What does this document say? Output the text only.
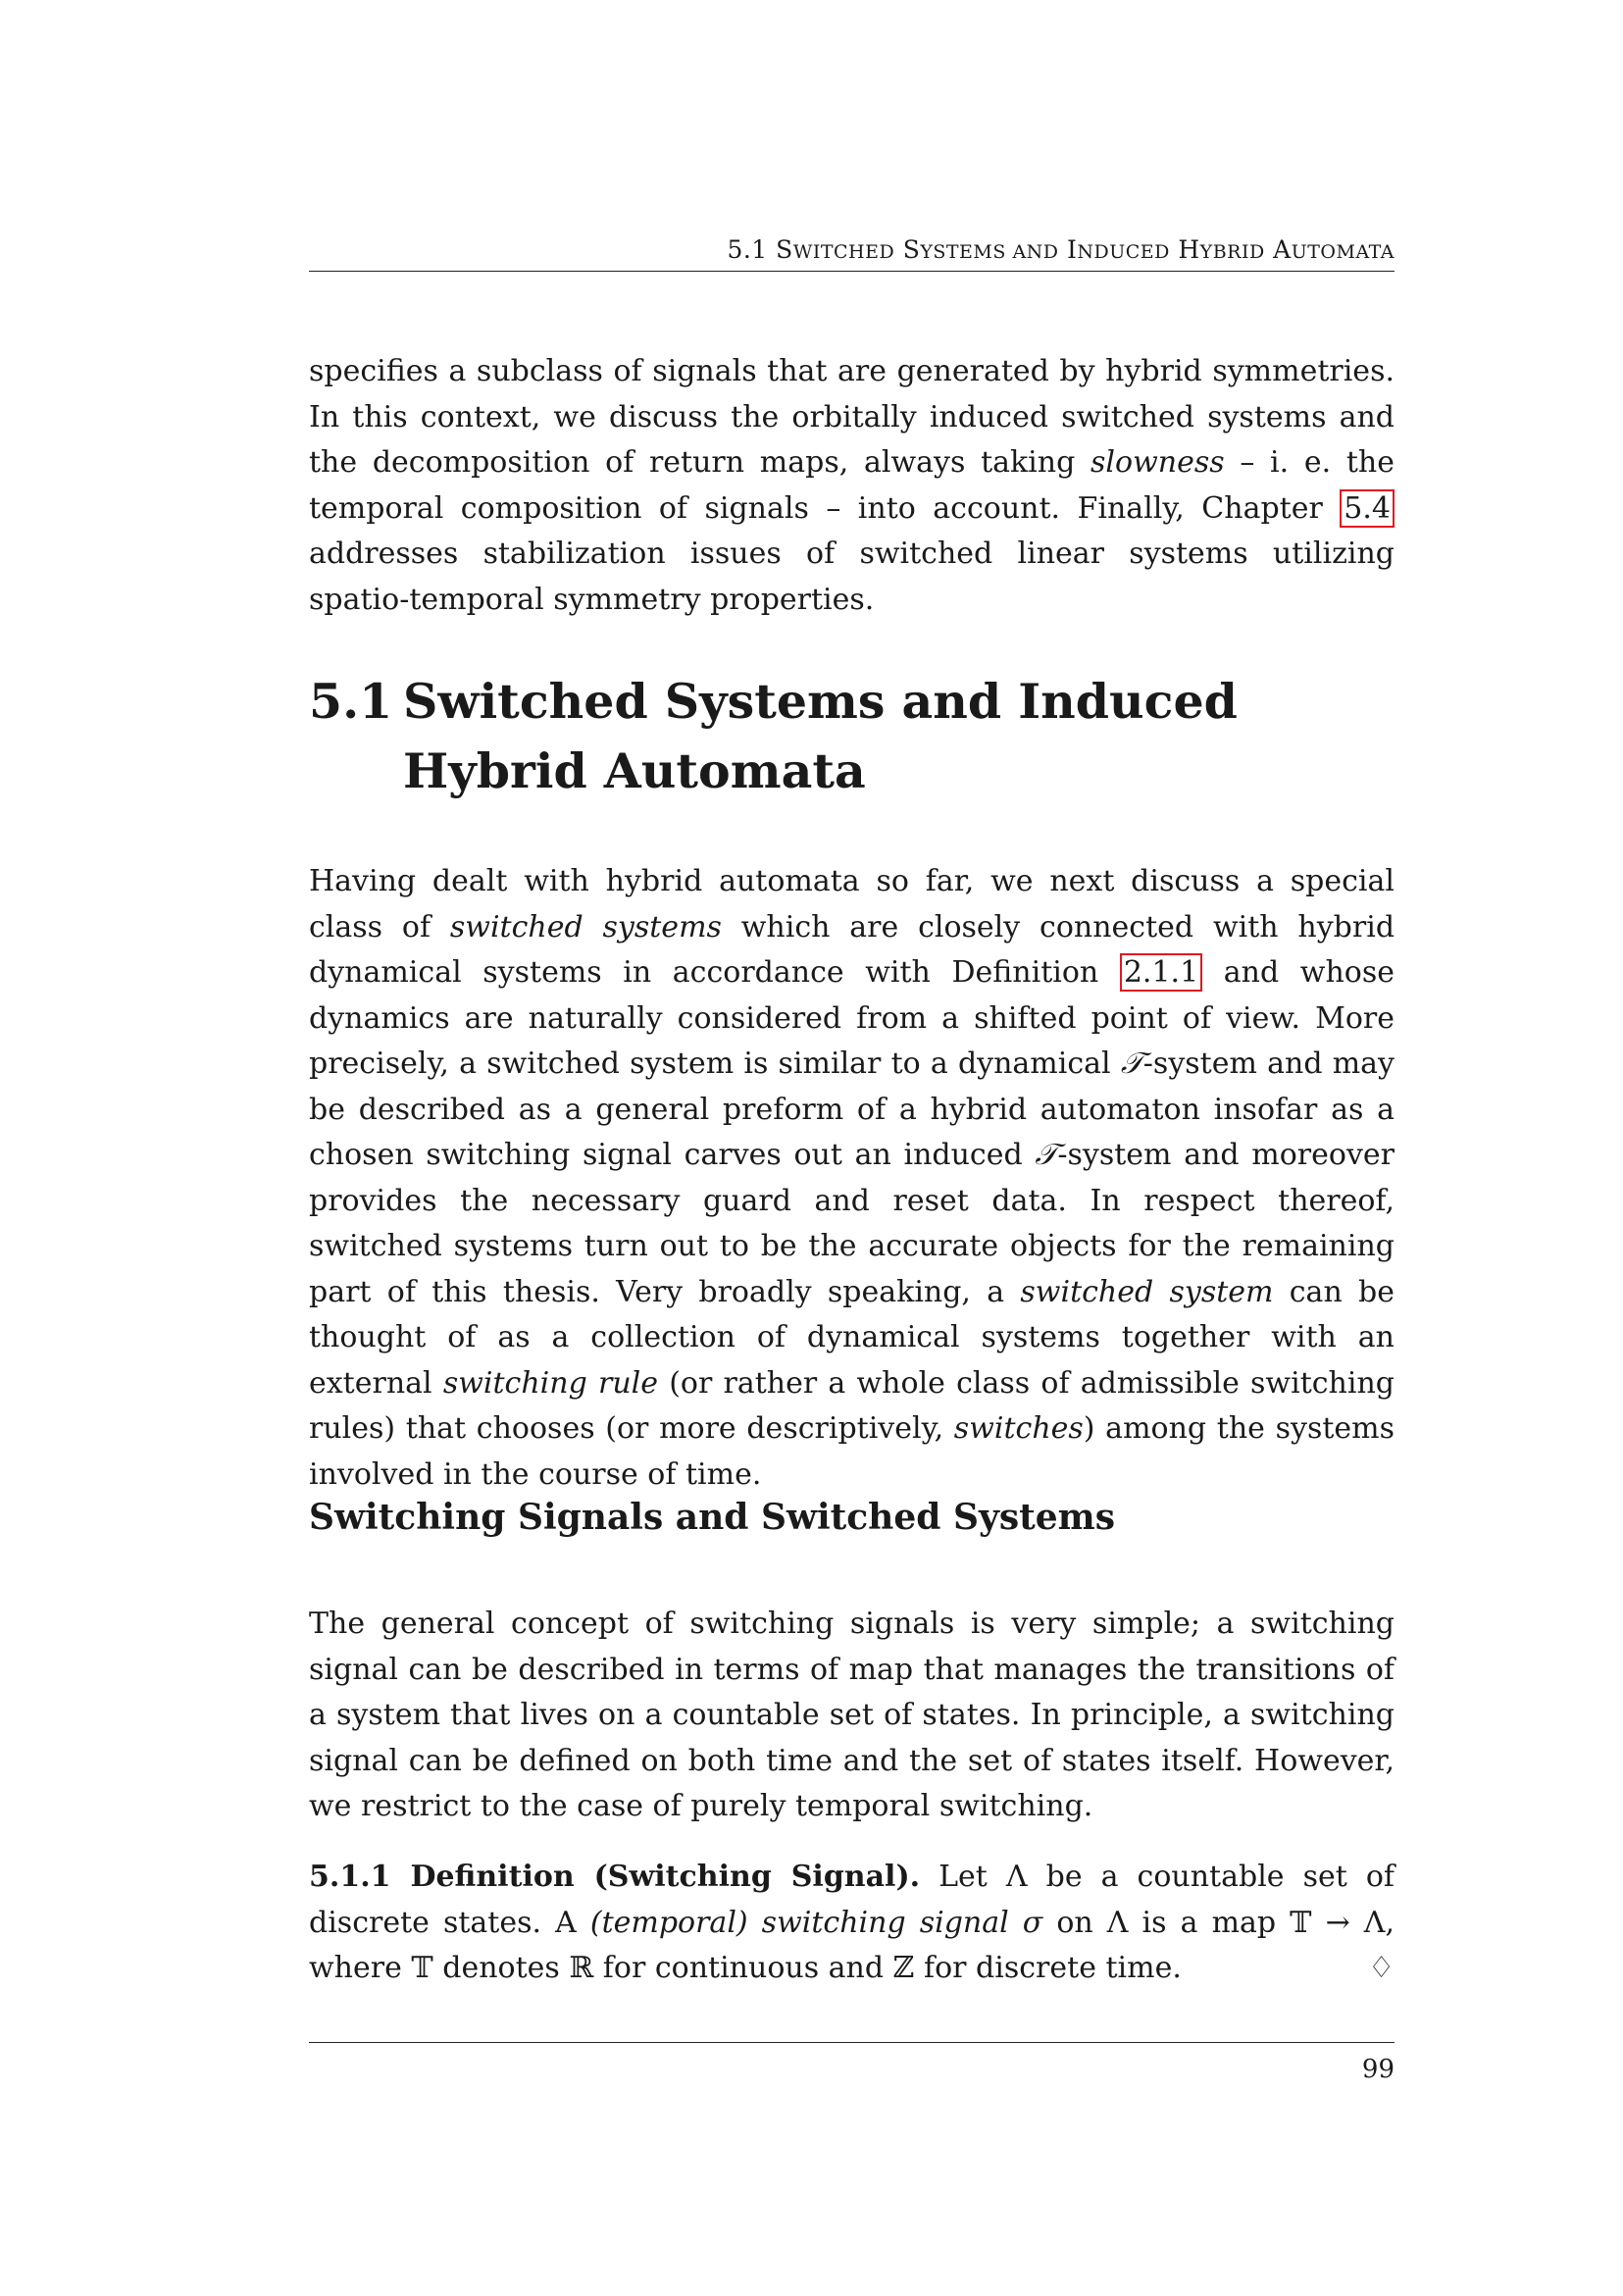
5.1 SWITCHED SYSTEMS AND INDUCED HYBRID AUTOMATA

specifies a subclass of signals that are generated by hybrid symmetries. In this context, we discuss the orbitally induced switched systems and the decomposition of return maps, always taking slowness – i. e. the temporal composition of signals – into account. Finally, Chapter 5.4 addresses stabilization issues of switched linear systems utilizing spatio-temporal symmetry properties.

5.1 Switched Systems and Induced Hybrid Automata

Having dealt with hybrid automata so far, we next discuss a special class of switched systems which are closely connected with hybrid dynamical systems in accordance with Definition 2.1.1 and whose dynamics are naturally considered from a shifted point of view. More precisely, a switched system is similar to a dynamical 𝒯-system and may be described as a general preform of a hybrid automaton insofar as a chosen switching signal carves out an induced 𝒯-system and moreover provides the necessary guard and reset data. In respect thereof, switched systems turn out to be the accurate objects for the remaining part of this thesis. Very broadly speaking, a switched system can be thought of as a collection of dynamical systems together with an external switching rule (or rather a whole class of admissible switching rules) that chooses (or more descriptively, switches) among the systems involved in the course of time.

Switching Signals and Switched Systems

The general concept of switching signals is very simple; a switching signal can be described in terms of map that manages the transitions of a system that lives on a countable set of states. In principle, a switching signal can be defined on both time and the set of states itself. However, we restrict to the case of purely temporal switching.

5.1.1 Definition (Switching Signal). Let Λ be a countable set of discrete states. A (temporal) switching signal σ on Λ is a map 𝕋 → Λ, where 𝕋 denotes ℝ for continuous and ℤ for discrete time.	♢

99
